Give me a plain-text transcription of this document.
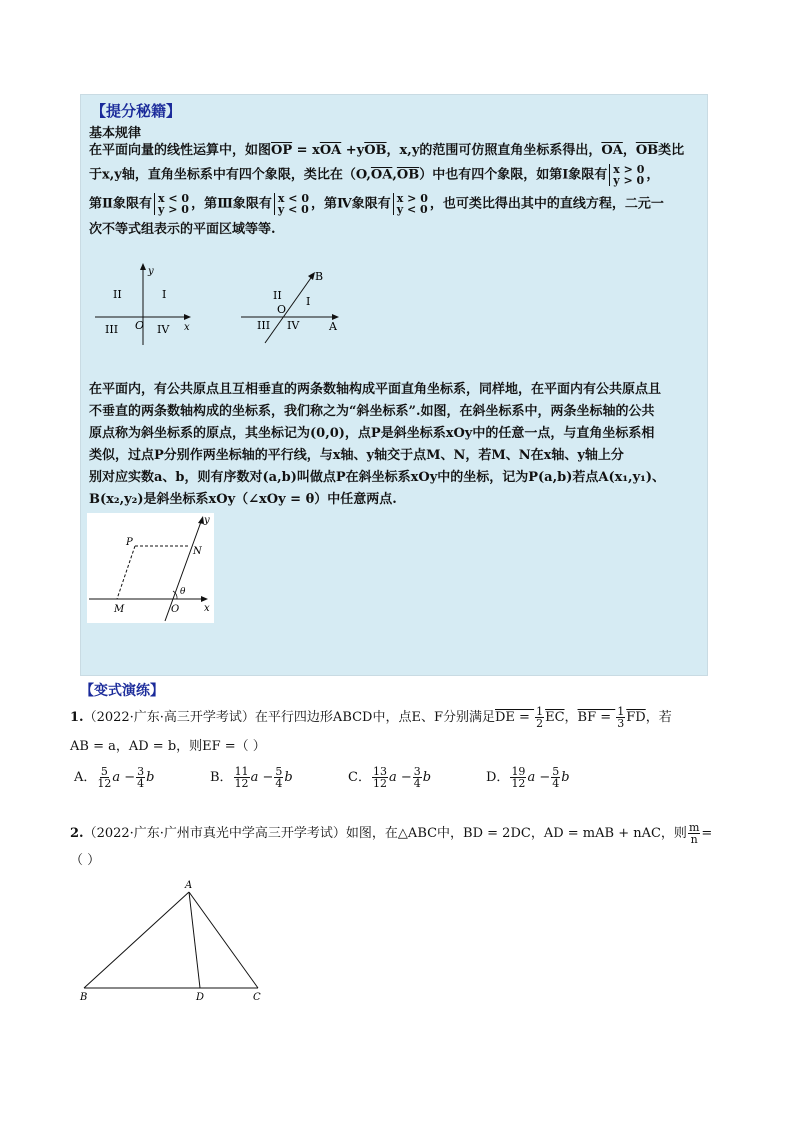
【提分秘籍】
基本规律
在平面向量的线性运算中，如图$\overline{OP} = x\overline{OA} +y\overline{OB}$，x,y的范围可仿照直角坐标系得出，$\overline{OA}$，$\overline{OB}$类比
于x,y轴，直角坐标系中有四个象限，类比在$(O,\overline{OA},\overline{OB})$中也有四个象限，如第Ⅰ象限有 x > 0
y > 0 ，
第Ⅱ象限有 x < 0
y > 0 ，第Ⅲ象限有 x < 0
y < 0 ，第Ⅳ象限有 x > 0
y < 0 ，也可类比得出其中的直线方程，二元一
次不等式组表示的平面区域等等.
y
x
O
I
II
III	IV
B
A
O
I
II
III IV
在平面内，有公共原点且互相垂直的两条数轴构成平面直角坐标系，同样地，在平面内有公共原点且
不垂直的两条数轴构成的坐标系，我们称之为“斜坐标系”.如图，在斜坐标系中，两条坐标轴的公共
原点称为斜坐标系的原点，其坐标记为(0,0)，点P是斜坐标系xOy中的任意一点，与直角坐标系相
类似，过点P分别作两坐标轴的平行线，与x轴、y轴交于点M、N，若M、N在x轴、y轴上分
别对应实数a、b，则有序数对(a,b)叫做点P在斜坐标系xOy中的坐标，记为P(a,b)若点A(x₁,y₁)、
B(x₂,y₂)是斜坐标系xOy（∠xOy = θ）中任意两点.
y
x
P
N
M	O
θ
【变式演练】
1.（2022·广东·高三开学考试）在平行四边形ABCD中，点E、F分别满足DE = $\frac{1}{2} \overline{EC}$，BF = $\frac{1}{3} \overline{FD}$，若
AB = a，AD = b，则EF =（ ）
A． $\frac{5}{12}$ $a - \frac{3}{4}$ b	B． $\frac{11}{12}$ $a - \frac{5}{4}$ b	C． $\frac{13}{12}$ $a - \frac{3}{4}$ b	D． $\frac{19}{12}$ $a - \frac{5}{4}$ b
2.（2022·广东·广州市真光中学高三开学考试）如图，在△ABC中，BD = 2DC，AD = mAB + nAC，则 $\frac{m}{n}$ =
（ ）
A
B	D	C
